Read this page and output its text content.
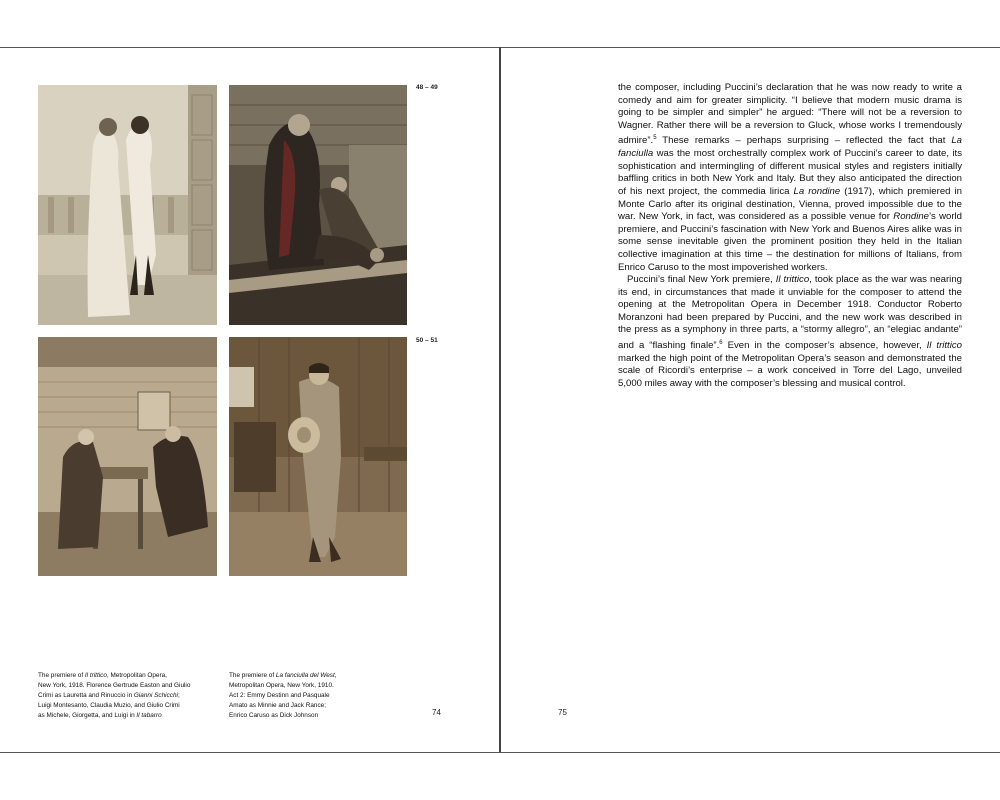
48 – 49
50 – 51
The premiere of Il trittico, Metropolitan Opera,
New York, 1918. Florence Gertrude Easton and Giulio
Crimi as Lauretta and Rinuccio in Gianni Schicchi;
Luigi Montesanto, Claudia Muzio, and Giulio Crimi
as Michele, Giorgetta, and Luigi in Il tabarro
The premiere of La fanciulla del West,
Metropolitan Opera, New York, 1910.
Act 2: Emmy Destinn and Pasquale
Amato as Minnie and Jack Rance;
Enrico Caruso as Dick Johnson	74	75

the composer, including Puccini’s declaration that he was now ready to write a comedy and aim for greater simplicity. “I believe that modern music drama is going to be simpler and simpler” he argued: “There will not be a reversion to Wagner. Rather there will be a reversion to Gluck, whose works I tremendously admire”.$^5$ These remarks – perhaps surprising – reflected the fact that La fanciulla was the most orchestrally complex work of Puccini’s career to date, its sophistication and intermingling of different musical styles and registers initially baffling critics in both New York and Italy. But they also anticipated the direction of his next project, the commedia lirica La rondine (1917), which premiered in Monte Carlo after its original destination, Vienna, proved impossible due to the war. New York, in fact, was considered as a possible venue for Rondine’s world premiere, and Puccini’s fascination with New York and Buenos Aires alike was in some sense inevitable given the prominent position they held in the Italian collective imagination at this time – the destination for millions of Italians, from Enrico Caruso to the most impoverished workers.

Puccini’s final New York premiere, Il trittico, took place as the war was nearing its end, in circumstances that made it unviable for the composer to attend the opening at the Metropolitan Opera in December 1918. Conductor Roberto Moranzoni had been prepared by Puccini, and the new work was described in the press as a symphony in three parts, a “stormy allegro”, an “elegiac andante” and a “flashing finale”.$^6$ Even in the composer’s absence, however, Il trittico marked the high point of the Metropolitan Opera’s season and demonstrated the scale of Ricordi’s enterprise – a work conceived in Torre del Lago, unveiled 5,000 miles away with the composer’s blessing and musical control.
